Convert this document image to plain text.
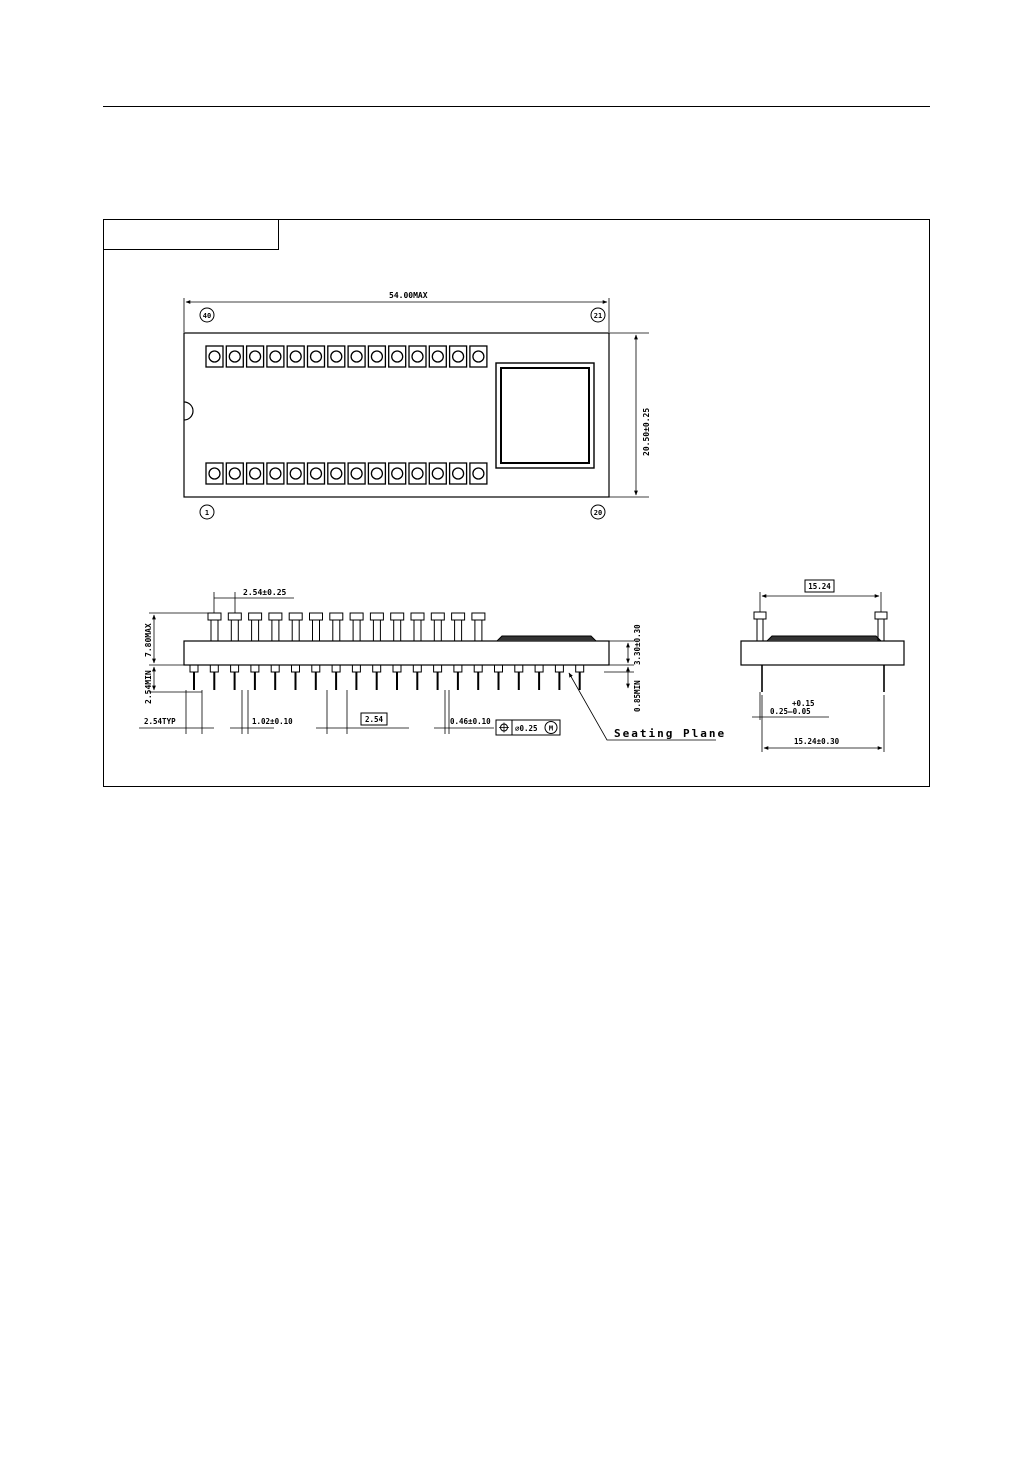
54.00MAX
20.50±0.25
40	21
1	20
2.54±0.25
7.80MAX
2.54MIN
3.30±0.30
0.85MIN
2.54TYP	1.02±0.10	2.54	0.46±0.10
⌀0.25 M	Seating Plane
15.24
+0.15
0.25–0.05
15.24±0.30
